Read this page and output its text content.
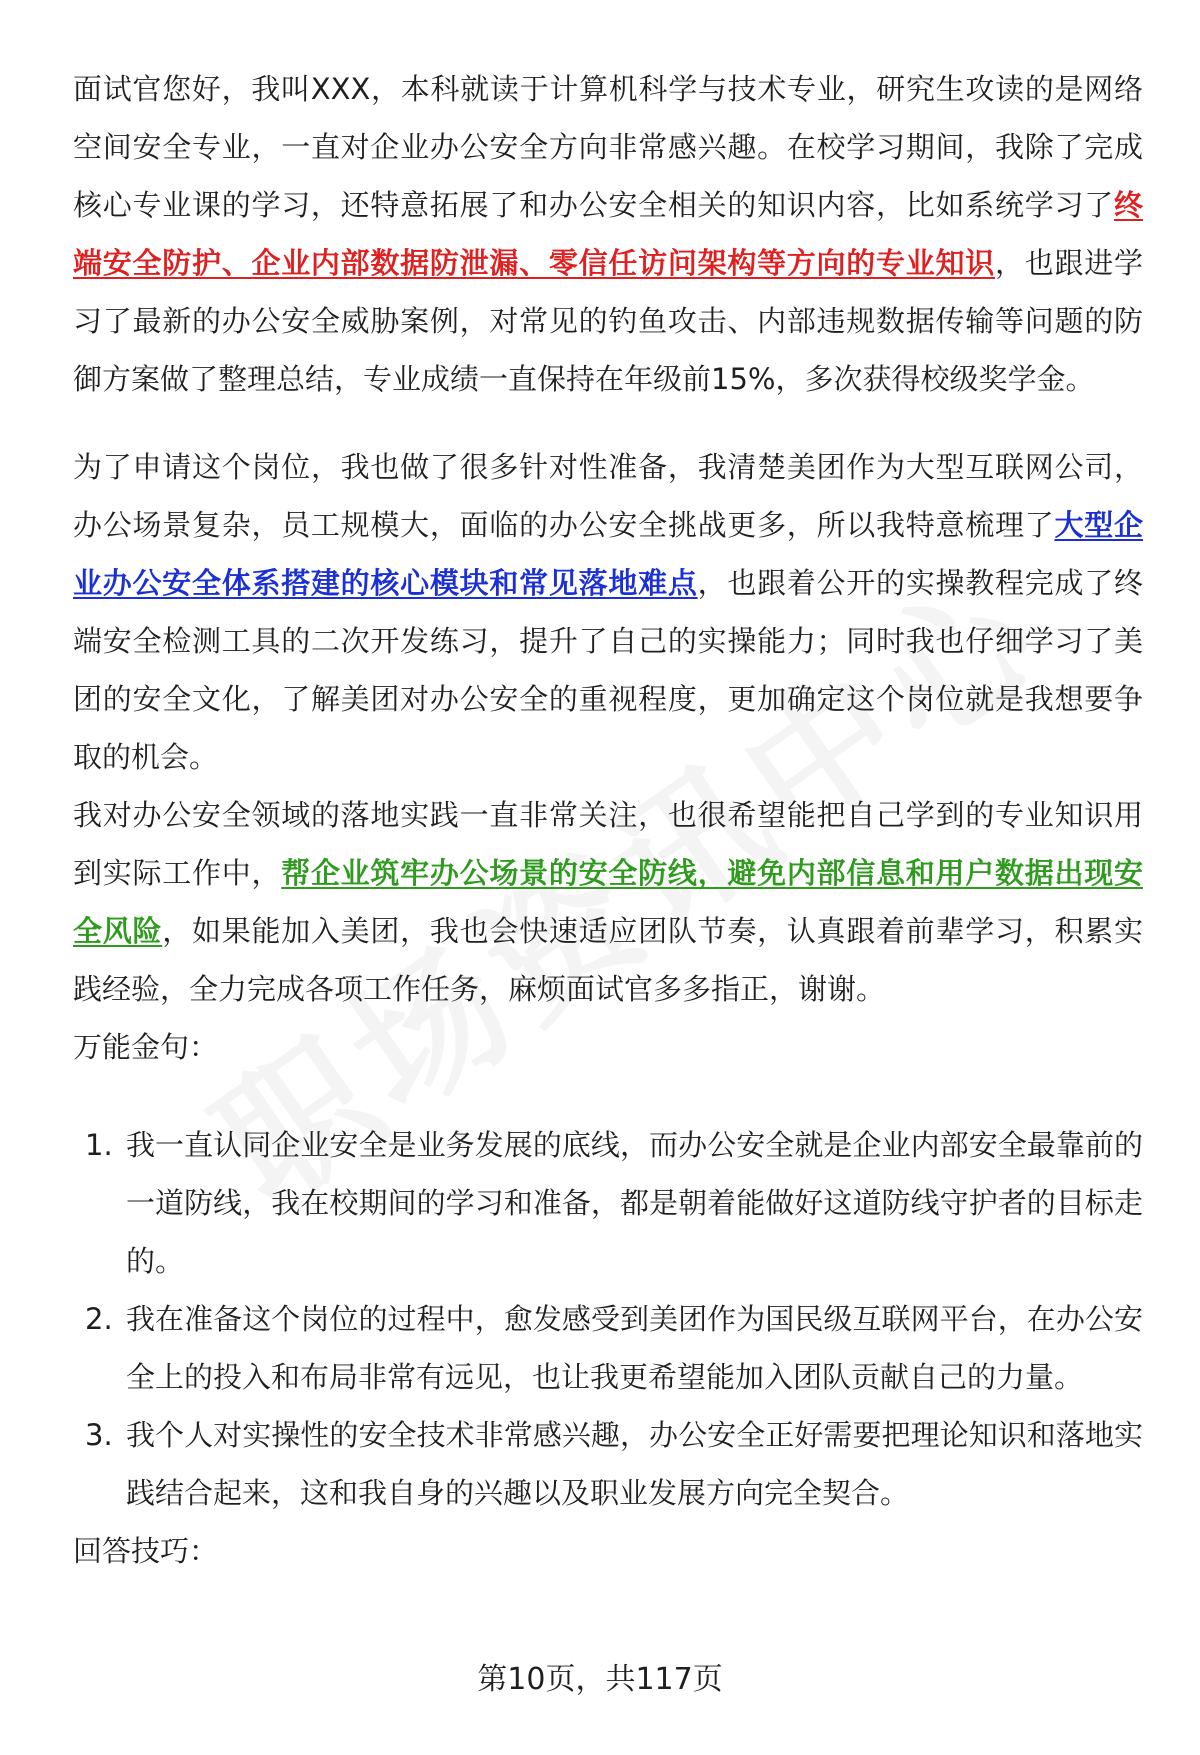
面试官您好，我叫XXX，本科就读于计算机科学与技术专业，研究生攻读的是网络空间安全专业，一直对企业办公安全方向非常感兴趣。在校学习期间，我除了完成核心专业课的学习，还特意拓展了和办公安全相关的知识内容，比如系统学习了终端安全防护、企业内部数据防泄漏、零信任访问架构等方向的专业知识，也跟进学习了最新的办公安全威胁案例，对常见的钓鱼攻击、内部违规数据传输等问题的防御方案做了整理总结，专业成绩一直保持在年级前15%，多次获得校级奖学金。

为了申请这个岗位，我也做了很多针对性准备，我清楚美团作为大型互联网公司，办公场景复杂，员工规模大，面临的办公安全挑战更多，所以我特意梳理了大型企业办公安全体系搭建的核心模块和常见落地难点，也跟着公开的实操教程完成了终端安全检测工具的二次开发练习，提升了自己的实操能力；同时我也仔细学习了美团的安全文化，了解美团对办公安全的重视程度，更加确定这个岗位就是我想要争取的机会。

我对办公安全领域的落地实践一直非常关注，也很希望能把自己学到的专业知识用到实际工作中，帮企业筑牢办公场景的安全防线，避免内部信息和用户数据出现安全风险，如果能加入美团，我也会快速适应团队节奏，认真跟着前辈学习，积累实践经验，全力完成各项工作任务，麻烦面试官多多指正，谢谢。

万能金句：

1. 我一直认同企业安全是业务发展的底线，而办公安全就是企业内部安全最靠前的一道防线，我在校期间的学习和准备，都是朝着能做好这道防线守护者的目标走的。
2. 我在准备这个岗位的过程中，愈发感受到美团作为国民级互联网平台，在办公安全上的投入和布局非常有远见，也让我更希望能加入团队贡献自己的力量。
3. 我个人对实操性的安全技术非常感兴趣，办公安全正好需要把理论知识和落地实践结合起来，这和我自身的兴趣以及职业发展方向完全契合。

回答技巧：

第10页，共117页
